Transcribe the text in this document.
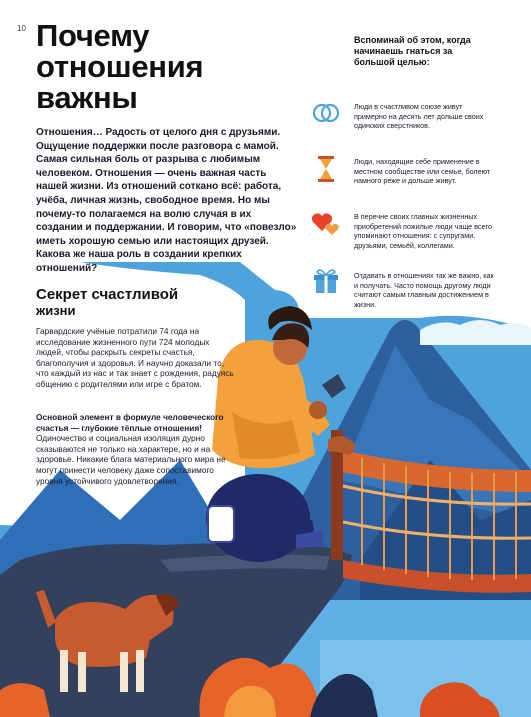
10 Почему отношения важны

Отношения… Радость от целого дня с друзьями. Ощущение поддержки после разговора с мамой. Самая сильная боль от разрыва с любимым человеком. Отношения — очень важная часть нашей жизни. Из отношений соткано всё: работа, учёба, личная жизнь, свободное время. Но мы почему-то полагаемся на волю случая в их создании и поддержании. И говорим, что «повезло» иметь хорошую семью или настоящих друзей. Какова же наша роль в создании крепких отношений?

Секрет счастливой
жизни

Гарвардские учёные потратили 74 года на исследование жизненного пути 724 молодых людей, чтобы раскрыть секреты счастья, благополучия и здоровья. И научно доказали то, что каждый из нас и так знает с рождения, радуясь общению с родителями или игре с братом.

Основной элемент в формуле человеческого счастья — глубокие тёплые отношения! Одиночество и социальная изоляция дурно сказываются не только на характере, но и на здоровье. Никакие блага материального мира не могут принести человеку даже сопоставимого уровня устойчивого удовлетворения.

Вспоминай об этом, когда начинаешь гнаться за большой целью:

Люди в счастливом союзе живут примерно на десять лет дольше своих одиноких сверстников.

Люди, находящие себе применение в местном сообществе или семье, болеют намного реже и дольше живут.

В перечне своих главных жизненных приобретений пожилые люди чаще всего упоминают отношения: с супругами, друзьями, семьёй, коллегами.

Отдавать в отношениях так же важно, как и получать. Часто помощь другому люди считают самым главным достижением в жизни.
